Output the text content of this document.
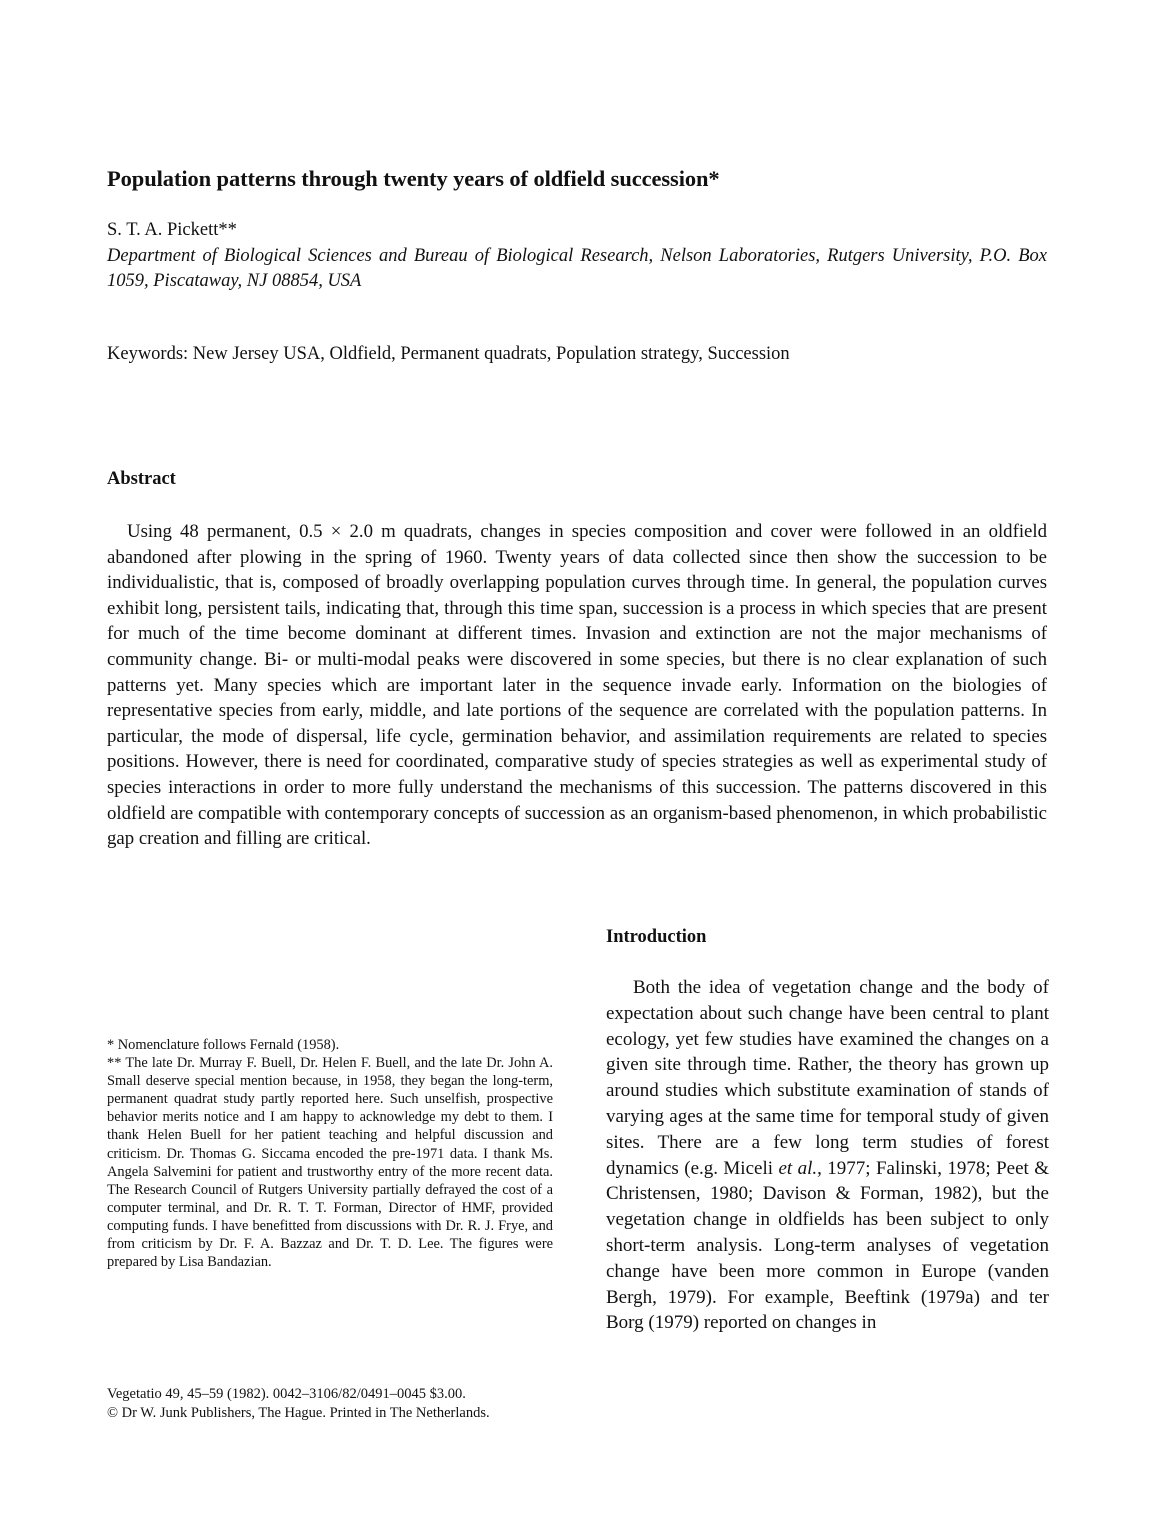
Population patterns through twenty years of oldfield succession*
S. T. A. Pickett**
Department of Biological Sciences and Bureau of Biological Research, Nelson Laboratories, Rutgers University, P.O. Box 1059, Piscataway, NJ 08854, USA
Keywords: New Jersey USA, Oldfield, Permanent quadrats, Population strategy, Succession
Abstract
Using 48 permanent, 0.5 × 2.0 m quadrats, changes in species composition and cover were followed in an oldfield abandoned after plowing in the spring of 1960. Twenty years of data collected since then show the succession to be individualistic, that is, composed of broadly overlapping population curves through time. In general, the population curves exhibit long, persistent tails, indicating that, through this time span, succession is a process in which species that are present for much of the time become dominant at different times. Invasion and extinction are not the major mechanisms of community change. Bi- or multi-modal peaks were discovered in some species, but there is no clear explanation of such patterns yet. Many species which are important later in the sequence invade early. Information on the biologies of representative species from early, middle, and late portions of the sequence are correlated with the population patterns. In particular, the mode of dispersal, life cycle, germination behavior, and assimilation requirements are related to species positions. However, there is need for coordinated, comparative study of species strategies as well as experimental study of species interactions in order to more fully understand the mechanisms of this succession. The patterns discovered in this oldfield are compatible with contemporary concepts of succession as an organism-based phenomenon, in which probabilistic gap creation and filling are critical.
Introduction
Both the idea of vegetation change and the body of expectation about such change have been central to plant ecology, yet few studies have examined the changes on a given site through time. Rather, the theory has grown up around studies which substitute examination of stands of varying ages at the same time for temporal study of given sites. There are a few long term studies of forest dynamics (e.g. Miceli et al., 1977; Falinski, 1978; Peet & Christensen, 1980; Davison & Forman, 1982), but the vegetation change in oldfields has been subject to only short-term analysis. Long-term analyses of vegetation change have been more common in Europe (vanden Bergh, 1979). For example, Beeftink (1979a) and ter Borg (1979) reported on changes in

* Nomenclature follows Fernald (1958).

** The late Dr. Murray F. Buell, Dr. Helen F. Buell, and the late Dr. John A. Small deserve special mention because, in 1958, they began the long-term, permanent quadrat study partly reported here. Such unselfish, prospective behavior merits notice and I am happy to acknowledge my debt to them. I thank Helen Buell for her patient teaching and helpful discussion and criticism. Dr. Thomas G. Siccama encoded the pre-1971 data. I thank Ms. Angela Salvemini for patient and trustworthy entry of the more recent data. The Research Council of Rutgers University partially defrayed the cost of a computer terminal, and Dr. R. T. T. Forman, Director of HMF, provided computing funds. I have benefitted from discussions with Dr. R. J. Frye, and from criticism by Dr. F. A. Bazzaz and Dr. T. D. Lee. The figures were prepared by Lisa Bandazian.

Vegetatio 49, 45–59 (1982). 0042–3106/82/0491–0045 $3.00.
© Dr W. Junk Publishers, The Hague. Printed in The Netherlands.
